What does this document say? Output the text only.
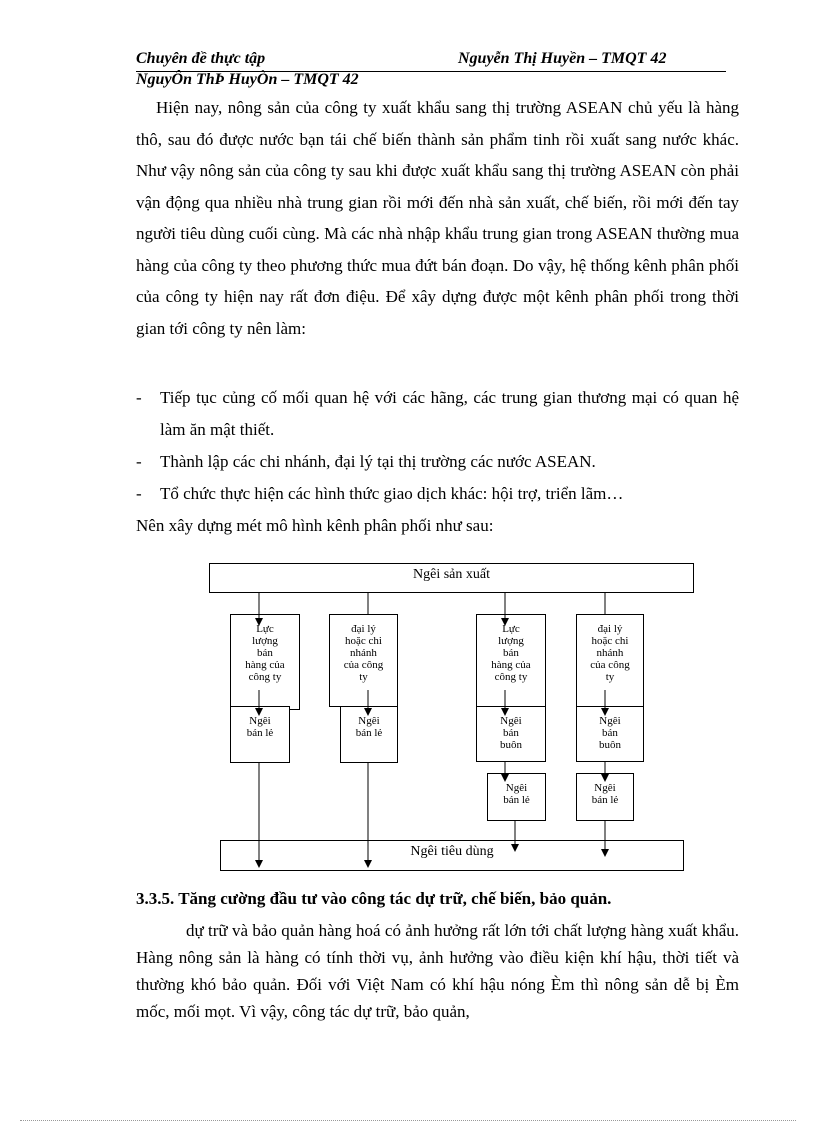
Chuyên đề thực tập	Nguyễn Thị Huyền – TMQT 42
NguyÔn ThÞ HuyÒn – TMQT 42
Hiện nay, nông sản của công ty xuất khẩu sang thị trường ASEAN chủ yếu là hàng thô, sau đó được nước bạn tái chế biến thành sản phẩm tinh rồi xuất sang nước khác. Như vậy nông sản của công ty sau khi được xuất khẩu sang thị trường ASEAN còn phải vận động qua nhiều nhà trung gian rồi mới đến nhà sản xuất, chế biến, rồi mới đến tay người tiêu dùng cuối cùng. Mà các nhà nhập khẩu trung gian trong ASEAN thường mua hàng của công ty theo phương thức mua đứt bán đoạn. Do vậy, hệ thống kênh phân phối của công ty hiện nay rất đơn điệu. Để xây dựng được một kênh phân phối trong thời gian tới công ty nên làm:
-	Tiếp tục củng cố mối quan hệ với các hãng, các trung gian thương mại có quan hệ làm ăn mật thiết.
-	Thành lập các chi nhánh, đại lý tại thị trường các nước ASEAN.
-	Tổ chức thực hiện các hình thức giao dịch khác: hội trợ, triển lãm…
Nên xây dựng mét mô hình kênh phân phối như sau:
Ngêi sản xuất
Lực
lượng
bán
hàng của
công ty
Ngêi
bán lẻ
đại lý
hoặc chi
nhánh
của công
ty
Ngêi
bán lẻ
Lực
lượng
bán
hàng của
công ty
Ngêi
bán
buôn
Ngêi
bán lẻ
đại lý
hoặc chi
nhánh
của công
ty
Ngêi
bán
buôn
Ngêi
bán lẻ
Ngêi tiêu dùng
3.3.5. Tăng cường đầu tư vào công tác dự trữ, chế biến, bảo quản.
dự trữ và bảo quản hàng hoá có ảnh hưởng rất lớn tới chất lượng hàng xuất khẩu. Hàng nông sản là hàng có tính thời vụ, ảnh hưởng vào điều kiện khí hậu, thời tiết và thường khó bảo quản. Đối với Việt Nam có khí hậu nóng Èm thì nông sản dễ bị Èm mốc, mối mọt. Vì vậy, công tác dự trữ, bảo quản,
